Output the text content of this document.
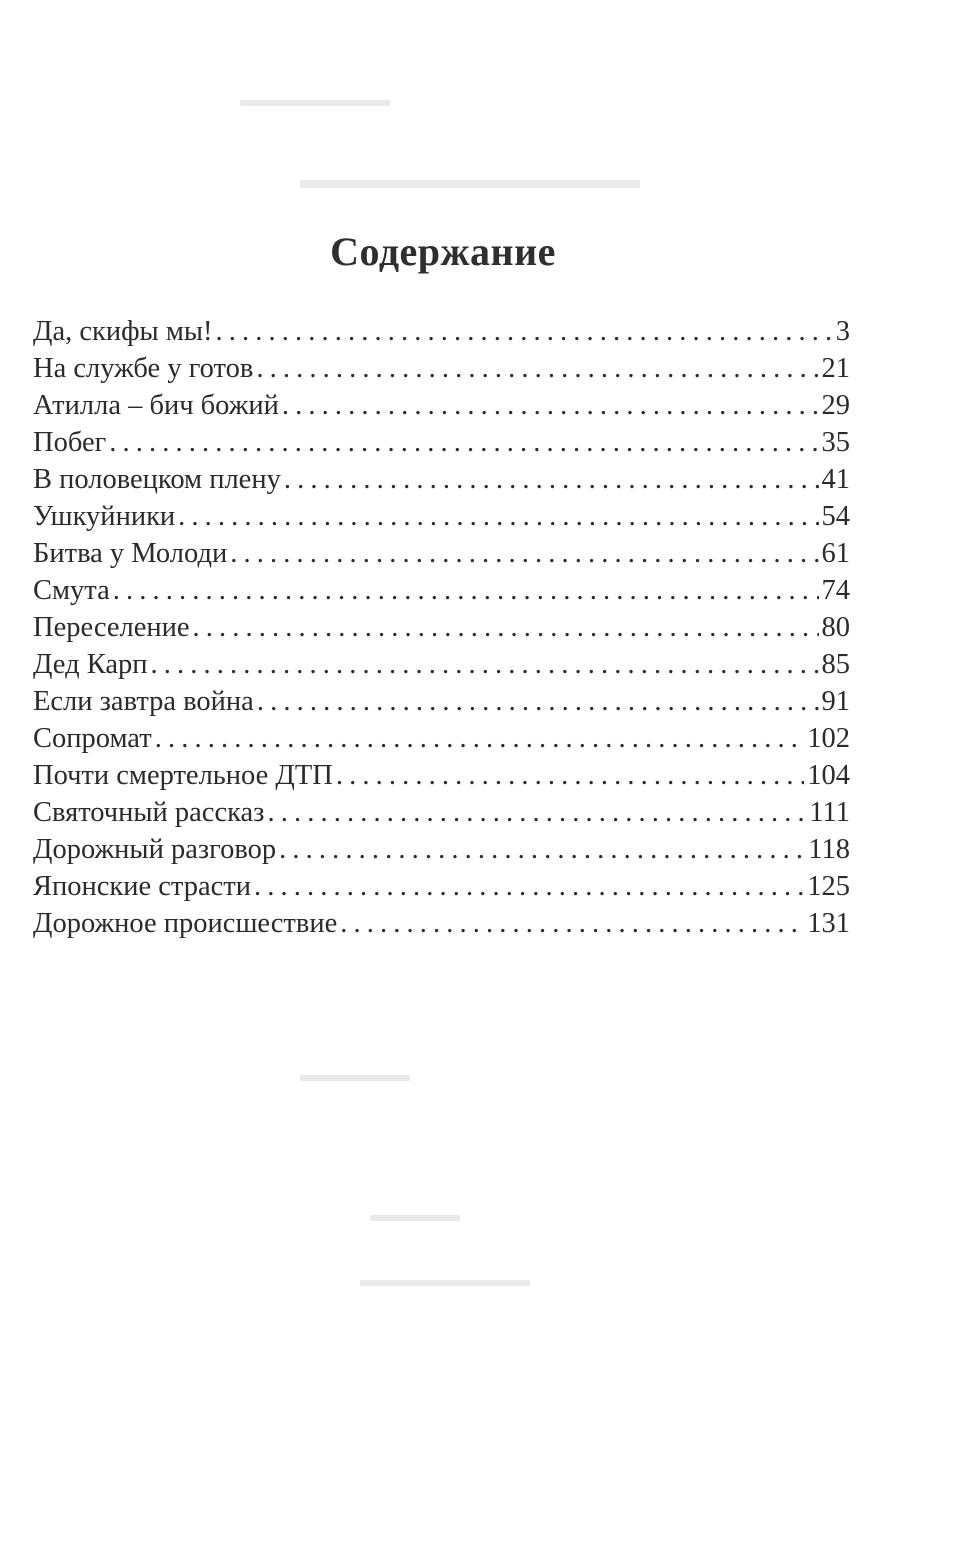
Содержание
Да, скифы мы! . . .	3
На службе у готов . . .	21
Атилла – бич божий . . .	29
Побег . . .	35
В половецком плену . . .	41
Ушкуйники . . .	54
Битва у Молоди . . .	61
Смута . . .	74
Переселение . . .	80
Дед Карп . . .	85
Если завтра война . . .	91
Сопромат . . .	102
Почти смертельное ДТП . . .	104
Святочный рассказ . . .	111
Дорожный разговор . . .	118
Японские страсти . . .	125
Дорожное происшествие . . .	131
